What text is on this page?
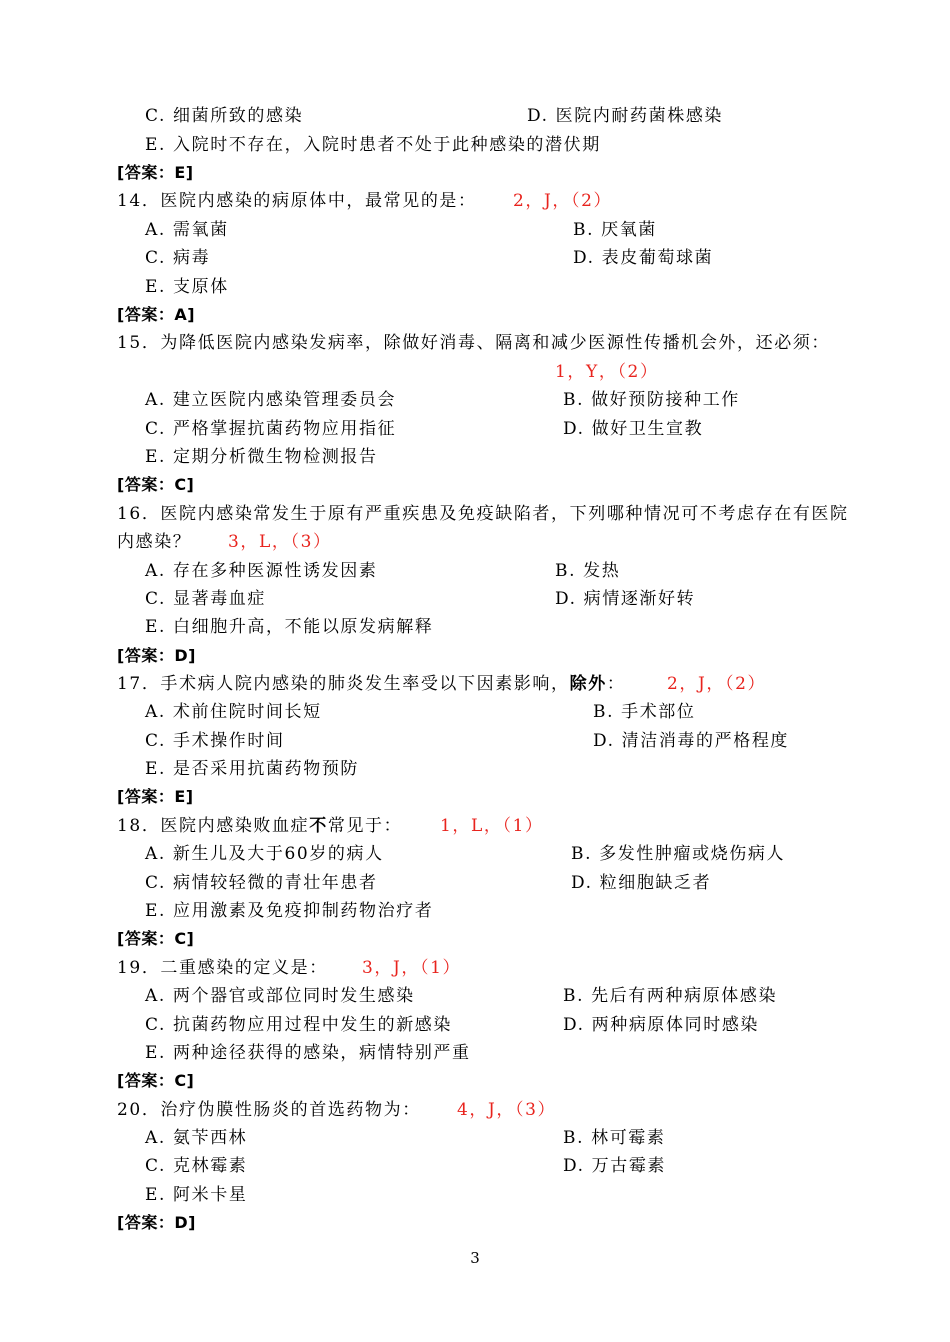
C. 细菌所致的感染	D. 医院内耐药菌株感染
E. 入院时不存在，入院时患者不处于此种感染的潜伏期
[答案：E]
14．医院内感染的病原体中，最常见的是： 2，J，（2）
A. 需氧菌	B. 厌氧菌
C. 病毒	D. 表皮葡萄球菌
E. 支原体
[答案：A]
15．为降低医院内感染发病率，除做好消毒、隔离和减少医源性传播机会外，还必须：
1，Y，（2）
A. 建立医院内感染管理委员会	B. 做好预防接种工作
C. 严格掌握抗菌药物应用指征	D. 做好卫生宣教
E. 定期分析微生物检测报告
[答案：C]
16．医院内感染常发生于原有严重疾患及免疫缺陷者，下列哪种情况可不考虑存在有医院
内感染？ 3，L，（3）
A. 存在多种医源性诱发因素	B. 发热
C. 显著毒血症	D. 病情逐渐好转
E. 白细胞升高，不能以原发病解释
[答案：D]
17．手术病人院内感染的肺炎发生率受以下因素影响，除外： 2，J，（2）
A. 术前住院时间长短	B. 手术部位
C. 手术操作时间	D. 清洁消毒的严格程度
E. 是否采用抗菌药物预防
[答案：E]
18．医院内感染败血症不常见于： 1，L，（1）
A. 新生儿及大于60岁的病人	B. 多发性肿瘤或烧伤病人
C. 病情较轻微的青壮年患者	D. 粒细胞缺乏者
E. 应用激素及免疫抑制药物治疗者
[答案：C]
19．二重感染的定义是： 3，J，（1）
A. 两个器官或部位同时发生感染	B. 先后有两种病原体感染
C. 抗菌药物应用过程中发生的新感染	D. 两种病原体同时感染
E. 两种途径获得的感染，病情特别严重
[答案：C]
20．治疗伪膜性肠炎的首选药物为： 4，J，（3）
A. 氨苄西林	B. 林可霉素
C. 克林霉素	D. 万古霉素
E. 阿米卡星
[答案：D]
3
